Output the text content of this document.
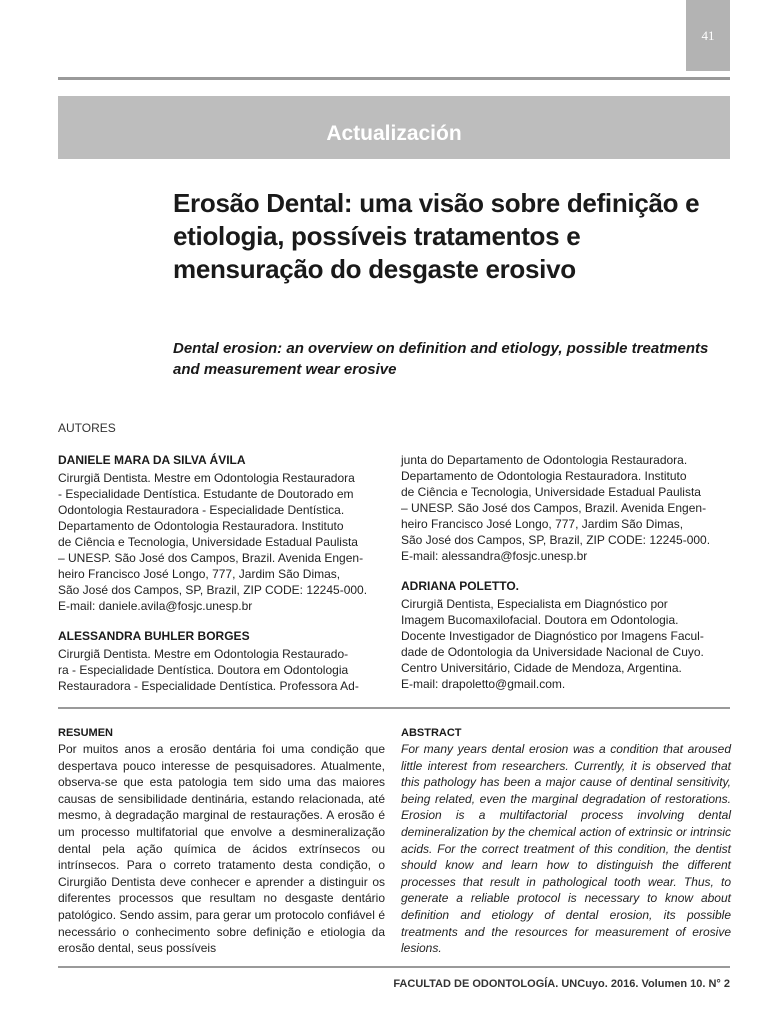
41
Actualización
Erosão Dental: uma visão sobre definição e etiologia, possíveis tratamentos e mensuração do desgaste erosivo

Dental erosion: an overview on definition and etiology, possible treatments and measurement wear erosive

AUTORES
DANIELE MARA DA SILVA ÁVILA
Cirurgiã Dentista. Mestre em Odontologia Restauradora
- Especialidade Dentística. Estudante de Doutorado em
Odontologia Restauradora - Especialidade Dentística.
Departamento de Odontologia Restauradora. Instituto
de Ciência e Tecnologia, Universidade Estadual Paulista
– UNESP. São José dos Campos, Brazil. Avenida Engen-
heiro Francisco José Longo, 777, Jardim São Dimas,
São José dos Campos, SP, Brazil, ZIP CODE: 12245-000.
E-mail: daniele.avila@fosjc.unesp.br
ALESSANDRA BUHLER BORGES
Cirurgiã Dentista. Mestre em Odontologia Restaurado-
ra - Especialidade Dentística. Doutora em Odontologia
Restauradora - Especialidade Dentística. Professora Ad-
junta do Departamento de Odontologia Restauradora.
Departamento de Odontologia Restauradora. Instituto
de Ciência e Tecnologia, Universidade Estadual Paulista
– UNESP. São José dos Campos, Brazil. Avenida Engen-
heiro Francisco José Longo, 777, Jardim São Dimas,
São José dos Campos, SP, Brazil, ZIP CODE: 12245-000.
E-mail: alessandra@fosjc.unesp.br
ADRIANA POLETTO.
Cirurgiã Dentista, Especialista em Diagnóstico por
Imagem Bucomaxilofacial. Doutora em Odontologia.
Docente Investigador de Diagnóstico por Imagens Facul-
dade de Odontologia da Universidade Nacional de Cuyo.
Centro Universitário, Cidade de Mendoza, Argentina.
E-mail: drapoletto@gmail.com.
RESUMEN
Por muitos anos a erosão dentária foi uma condição que despertava pouco interesse de pesquisadores. Atualmente, observa-se que esta patologia tem sido uma das maiores causas de sensibilidade dentinária, estando relacionada, até mesmo, à degradação marginal de restaurações. A erosão é um processo multifatorial que envolve a desmineralização dental pela ação química de ácidos extrínsecos ou intrínsecos. Para o correto tratamento desta condição, o Cirurgião Dentista deve conhecer e aprender a distinguir os diferentes processos que resultam no desgaste dentário patológico. Sendo assim, para gerar um protocolo confiável é necessário o conhecimento sobre definição e etiologia da erosão dental, seus possíveis
ABSTRACT
For many years dental erosion was a condition that aroused little interest from researchers. Currently, it is observed that this pathology has been a major cause of dentinal sensitivity, being related, even the marginal degradation of restorations. Erosion is a multifactorial process involving dental demineralization by the chemical action of extrinsic or intrinsic acids. For the correct treatment of this condition, the dentist should know and learn how to distinguish the different processes that result in pathological tooth wear. Thus, to generate a reliable protocol is necessary to know about definition and etiology of dental erosion, its possible treatments and the resources for measurement of erosive lesions.
FACULTAD DE ODONTOLOGÍA. UNCuyo. 2016. Volumen 10. N° 2
